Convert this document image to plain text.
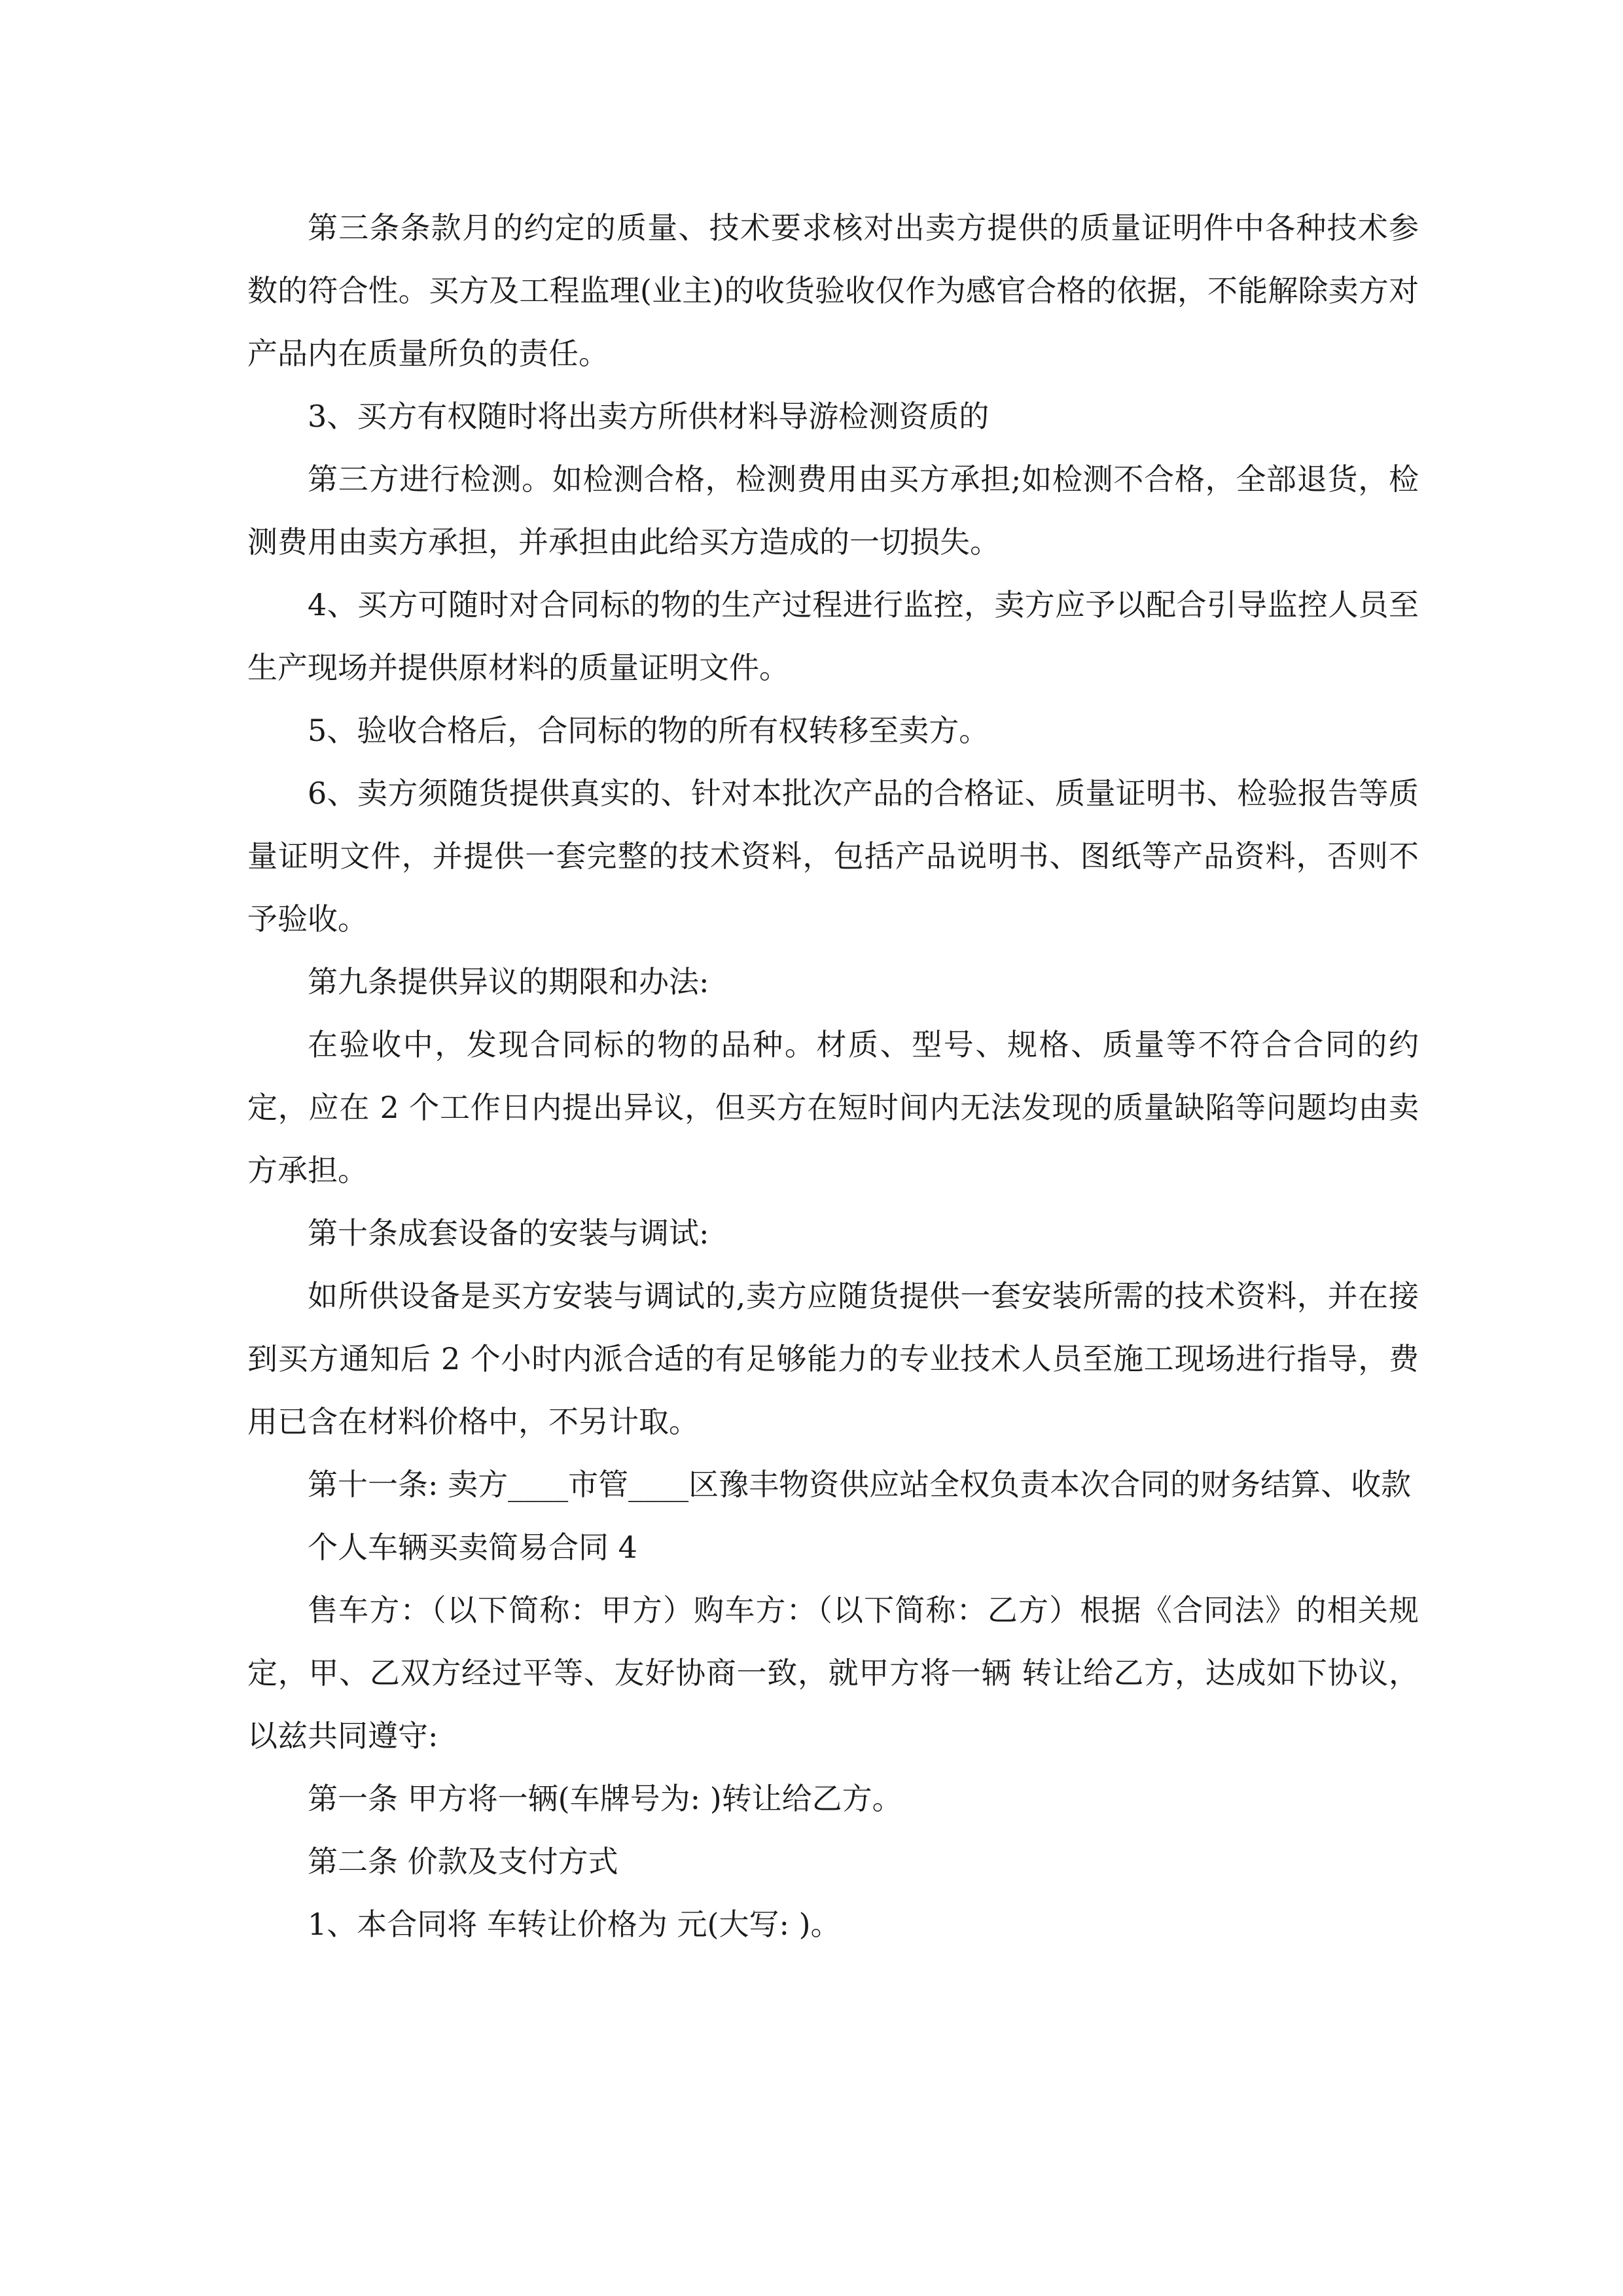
第三条条款月的约定的质量、技术要求核对出卖方提供的质量证明件中各种技术参数的符合性。买方及工程监理(业主)的收货验收仅作为感官合格的依据，不能解除卖方对产品内在质量所负的责任。

3、买方有权随时将出卖方所供材料导游检测资质的

第三方进行检测。如检测合格，检测费用由买方承担;如检测不合格，全部退货，检测费用由卖方承担，并承担由此给买方造成的一切损失。

4、买方可随时对合同标的物的生产过程进行监控，卖方应予以配合引导监控人员至生产现场并提供原材料的质量证明文件。

5、验收合格后，合同标的物的所有权转移至卖方。

6、卖方须随货提供真实的、针对本批次产品的合格证、质量证明书、检验报告等质量证明文件，并提供一套完整的技术资料，包括产品说明书、图纸等产品资料，否则不予验收。

第九条提供异议的期限和办法:

在验收中，发现合同标的物的品种。材质、型号、规格、质量等不符合合同的约定，应在 2 个工作日内提出异议，但买方在短时间内无法发现的质量缺陷等问题均由卖方承担。

第十条成套设备的安装与调试:

如所供设备是买方安装与调试的,卖方应随货提供一套安装所需的技术资料，并在接到买方通知后 2 个小时内派合适的有足够能力的专业技术人员至施工现场进行指导，费用已含在材料价格中，不另计取。

第十一条: 卖方____市管____区豫丰物资供应站全权负责本次合同的财务结算、收款

个人车辆买卖简易合同 4

售车方：（以下简称：甲方）购车方：（以下简称：乙方）根据《合同法》的相关规定，甲、乙双方经过平等、友好协商一致，就甲方将一辆 转让给乙方，达成如下协议，以兹共同遵守:

第一条 甲方将一辆(车牌号为: )转让给乙方。

第二条 价款及支付方式

1、本合同将 车转让价格为 元(大写: )。
